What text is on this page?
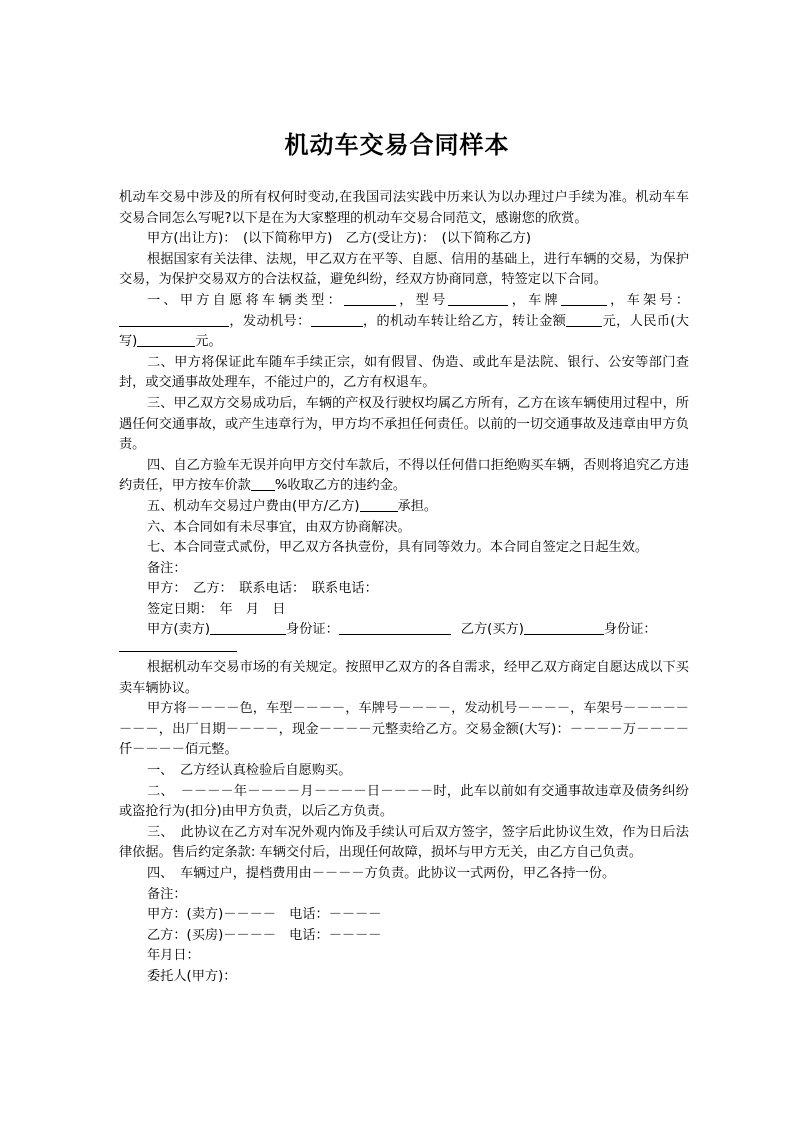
机动车交易合同样本

机动车交易中涉及的所有权何时变动,在我国司法实践中历来认为以办理过户手续为准。机动车车交易合同怎么写呢?以下是在为大家整理的机动车交易合同范文，感谢您的欣赏。

甲方(出让方)：　(以下简称甲方)　乙方(受让方)：　(以下简称乙方)

根据国家有关法律、法规，甲乙双方在平等、自愿、信用的基础上，进行车辆的交易，为保护交易，为保护交易双方的合法权益，避免纠纷，经双方协商同意，特签定以下合同。

一、甲方自愿将车辆类型：	，型号	，车牌	，车架号：，发动机号：	，的机动车转让给乙方，转让金额	元，人民币(大写)	元。

二、甲方将保证此车随车手续正宗，如有假冒、伪造、或此车是法院、银行、公安等部门查封，或交通事故处理车，不能过户的，乙方有权退车。

三、甲乙双方交易成功后，车辆的产权及行驶权均属乙方所有，乙方在该车辆使用过程中，所遇任何交通事故，或产生违章行为，甲方均不承担任何责任。以前的一切交通事故及违章由甲方负责。

四、自乙方验车无误并向甲方交付车款后，不得以任何借口拒绝购买车辆，否则将追究乙方违约责任，甲方按车价款 %收取乙方的违约金。

五、机动车交易过户费由(甲方/乙方)	承担。

六、本合同如有未尽事宜，由双方协商解决。

七、本合同壹式贰份，甲乙双方各执壹份，具有同等效力。本合同自签定之日起生效。

备注：

甲方：　乙方：　联系电话：　联系电话：

签定日期：　年　月　日

甲方(卖方)	身份证：	乙方(买方)	身份证：

根据机动车交易市场的有关规定。按照甲乙双方的各自需求，经甲乙双方商定自愿达成以下买卖车辆协议。

甲方将－－－－色，车型－－－－，车牌号－－－－，发动机号－－－－，车架号－－－－－－－－，出厂日期－－－－，现金－－－－元整卖给乙方。交易金额(大写)：－－－－万－－－－仟－－－－佰元整。

一、　乙方经认真检验后自愿购买。

二、　－－－－年－－－－月－－－－日－－－－时，此车以前如有交通事故违章及债务纠纷或盗抢行为(扣分)由甲方负责，以后乙方负责。

三、　此协议在乙方对车况外观内饰及手续认可后双方签字，签字后此协议生效，作为日后法律依据。售后约定条款: 车辆交付后，出现任何故障，损坏与甲方无关，由乙方自己负责。

四、　车辆过户，提档费用由－－－－方负责。此协议一式两份，甲乙各持一份。

备注：

甲方：(卖方)－－－－　电话：－－－－

乙方：(买房)－－－－　电话：－－－－

年月日：

委托人(甲方)：
